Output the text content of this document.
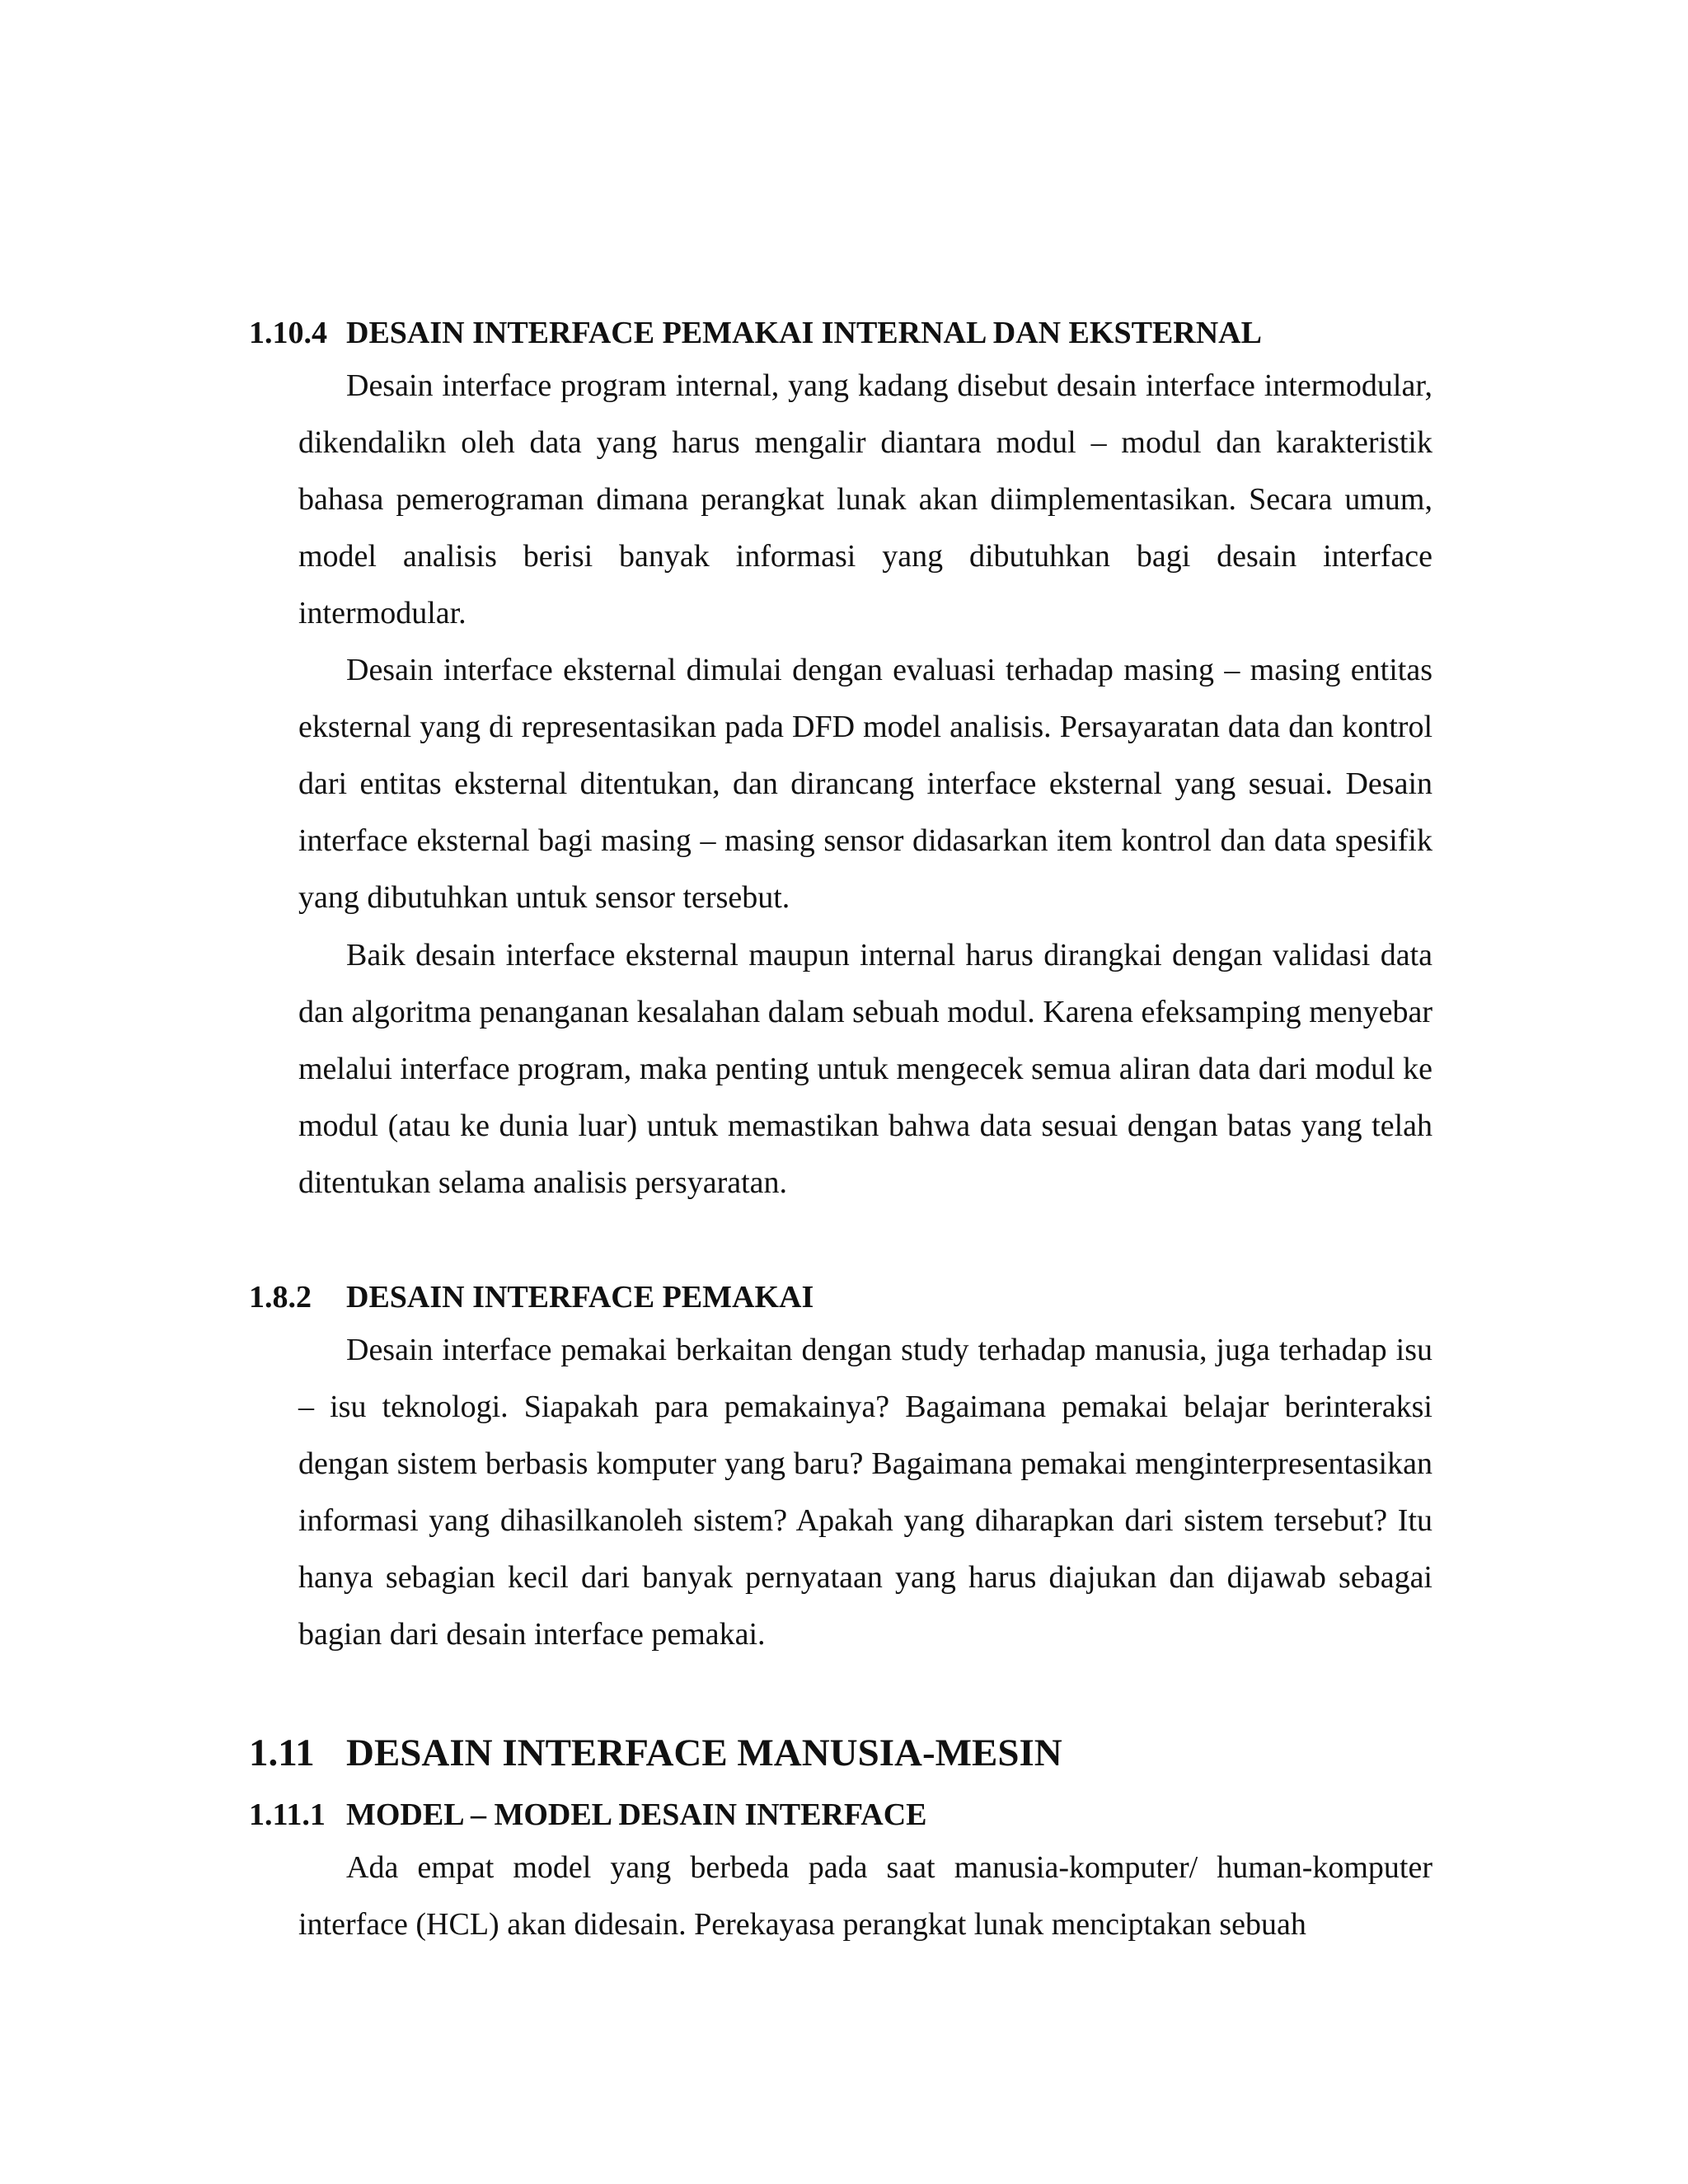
1.10.4 DESAIN INTERFACE PEMAKAI INTERNAL DAN EKSTERNAL

Desain interface program internal, yang kadang disebut desain interface intermodular, dikendalikn oleh data yang harus mengalir diantara modul – modul dan karakteristik bahasa pemerograman dimana perangkat lunak akan diimplementasikan. Secara umum, model analisis berisi banyak informasi yang dibutuhkan bagi desain interface intermodular.

Desain interface eksternal dimulai dengan evaluasi terhadap masing – masing entitas eksternal yang di representasikan pada DFD model analisis. Persayaratan data dan kontrol dari entitas eksternal ditentukan, dan dirancang interface eksternal yang sesuai. Desain interface eksternal bagi masing – masing sensor didasarkan item kontrol dan data spesifik yang dibutuhkan untuk sensor tersebut.

Baik desain interface eksternal maupun internal harus dirangkai dengan validasi data dan algoritma penanganan kesalahan dalam sebuah modul. Karena efeksamping menyebar melalui interface program, maka penting untuk mengecek semua aliran data dari modul ke modul (atau ke dunia luar) untuk memastikan bahwa data sesuai dengan batas yang telah ditentukan selama analisis persyaratan.

1.8.2 DESAIN INTERFACE PEMAKAI

Desain interface pemakai berkaitan dengan study terhadap manusia, juga terhadap isu – isu teknologi. Siapakah para pemakainya? Bagaimana pemakai belajar berinteraksi dengan sistem berbasis komputer yang baru? Bagaimana pemakai menginterpresentasikan informasi yang dihasilkanoleh sistem? Apakah yang diharapkan dari sistem tersebut? Itu hanya sebagian kecil dari banyak pernyataan yang harus diajukan dan dijawab sebagai bagian dari desain interface pemakai.

1.11 DESAIN INTERFACE MANUSIA-MESIN
1.11.1 MODEL – MODEL DESAIN INTERFACE

Ada empat model yang berbeda pada saat manusia-komputer/ human-komputer interface (HCL) akan didesain. Perekayasa perangkat lunak menciptakan sebuah
